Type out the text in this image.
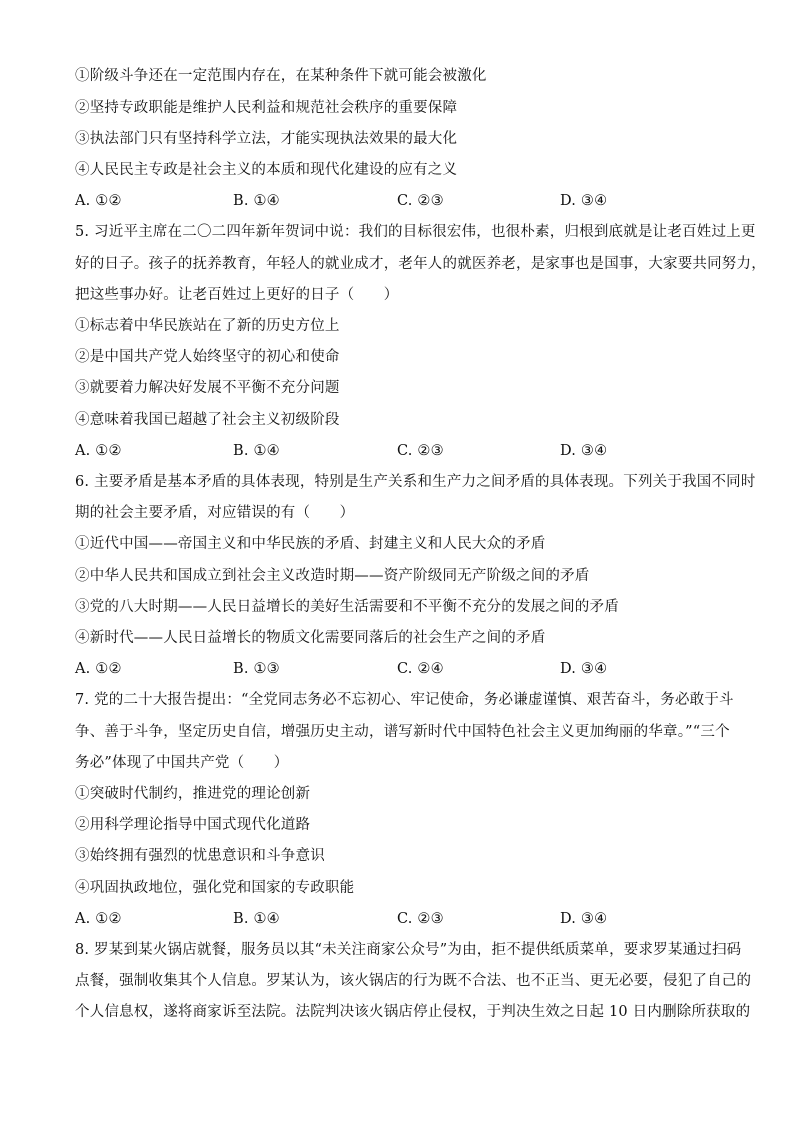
①阶级斗争还在一定范围内存在，在某种条件下就可能会被激化
②坚持专政职能是维护人民利益和规范社会秩序的重要保障
③执法部门只有坚持科学立法，才能实现执法效果的最大化
④人民民主专政是社会主义的本质和现代化建设的应有之义
A. ①②	B. ①④	C. ②③	D. ③④
5. 习近平主席在二〇二四年新年贺词中说：我们的目标很宏伟，也很朴素，归根到底就是让老百姓过上更
好的日子。孩子的抚养教育，年轻人的就业成才，老年人的就医养老，是家事也是国事，大家要共同努力，
把这些事办好。让老百姓过上更好的日子（　　）
①标志着中华民族站在了新的历史方位上
②是中国共产党人始终坚守的初心和使命
③就要着力解决好发展不平衡不充分问题
④意味着我国已超越了社会主义初级阶段
A. ①②	B. ①④	C. ②③	D. ③④
6. 主要矛盾是基本矛盾的具体表现，特别是生产关系和生产力之间矛盾的具体表现。下列关于我国不同时
期的社会主要矛盾，对应错误的有（　　）
①近代中国——帝国主义和中华民族的矛盾、封建主义和人民大众的矛盾
②中华人民共和国成立到社会主义改造时期——资产阶级同无产阶级之间的矛盾
③党的八大时期——人民日益增长的美好生活需要和不平衡不充分的发展之间的矛盾
④新时代——人民日益增长的物质文化需要同落后的社会生产之间的矛盾
A. ①②	B. ①③	C. ②④	D. ③④
7. 党的二十大报告提出：“全党同志务必不忘初心、牢记使命，务必谦虚谨慎、艰苦奋斗，务必敢于斗
争、善于斗争，坚定历史自信，增强历史主动，谱写新时代中国特色社会主义更加绚丽的华章。”“三个
务必”体现了中国共产党（　　）
①突破时代制约，推进党的理论创新
②用科学理论指导中国式现代化道路
③始终拥有强烈的忧患意识和斗争意识
④巩固执政地位，强化党和国家的专政职能
A. ①②	B. ①④	C. ②③	D. ③④
8. 罗某到某火锅店就餐，服务员以其“未关注商家公众号”为由，拒不提供纸质菜单，要求罗某通过扫码
点餐，强制收集其个人信息。罗某认为，该火锅店的行为既不合法、也不正当、更无必要，侵犯了自己的
个人信息权，遂将商家诉至法院。法院判决该火锅店停止侵权，于判决生效之日起 10 日内删除所获取的
